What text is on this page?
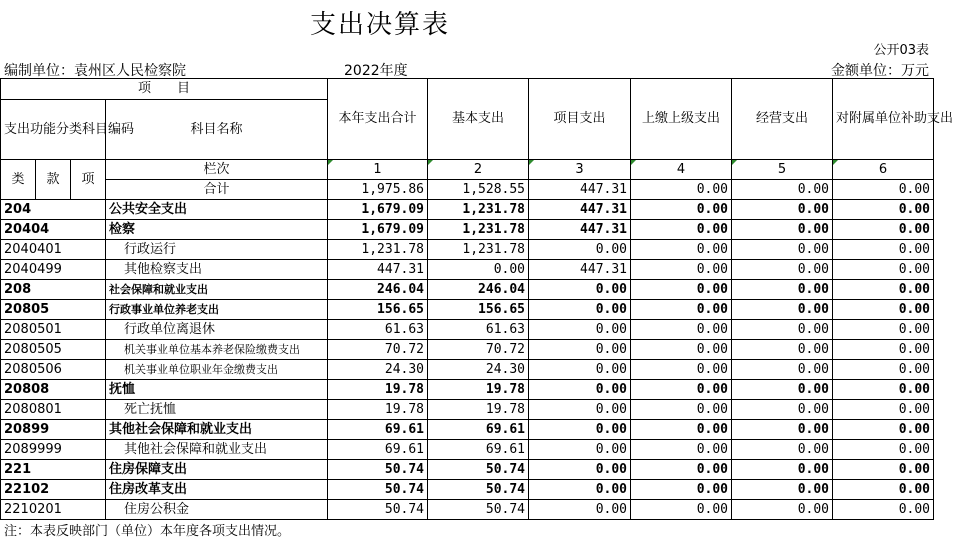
支出决算表
公开03表
编制单位：袁州区人民检察院	2022年度	金额单位：万元
项　　目				本年支出合计	基本支出	项目支出	上缴上级支出	经营支出	对附属单位补助支出
支出功能分类科目编码			科目名称						

类	款	项	栏次	1	2	3	4	5	6
			合计	1,975.86	1,528.55	447.31	0.00	0.00	0.00
204			公共安全支出	1,679.09	1,231.78	447.31	0.00	0.00	0.00
20404			检察	1,679.09	1,231.78	447.31	0.00	0.00	0.00
2040401			行政运行	1,231.78	1,231.78	0.00	0.00	0.00	0.00
2040499			其他检察支出	447.31	0.00	447.31	0.00	0.00	0.00
208			社会保障和就业支出	246.04	246.04	0.00	0.00	0.00	0.00
20805			行政事业单位养老支出	156.65	156.65	0.00	0.00	0.00	0.00
2080501			行政单位离退休	61.63	61.63	0.00	0.00	0.00	0.00
2080505			机关事业单位基本养老保险缴费支出	70.72	70.72	0.00	0.00	0.00	0.00
2080506			机关事业单位职业年金缴费支出	24.30	24.30	0.00	0.00	0.00	0.00
20808			抚恤	19.78	19.78	0.00	0.00	0.00	0.00
2080801			死亡抚恤	19.78	19.78	0.00	0.00	0.00	0.00
20899			其他社会保障和就业支出	69.61	69.61	0.00	0.00	0.00	0.00
2089999			其他社会保障和就业支出	69.61	69.61	0.00	0.00	0.00	0.00
221			住房保障支出	50.74	50.74	0.00	0.00	0.00	0.00
22102			住房改革支出	50.74	50.74	0.00	0.00	0.00	0.00
2210201			住房公积金	50.74	50.74	0.00	0.00	0.00	0.00
注：本表反映部门（单位）本年度各项支出情况。
